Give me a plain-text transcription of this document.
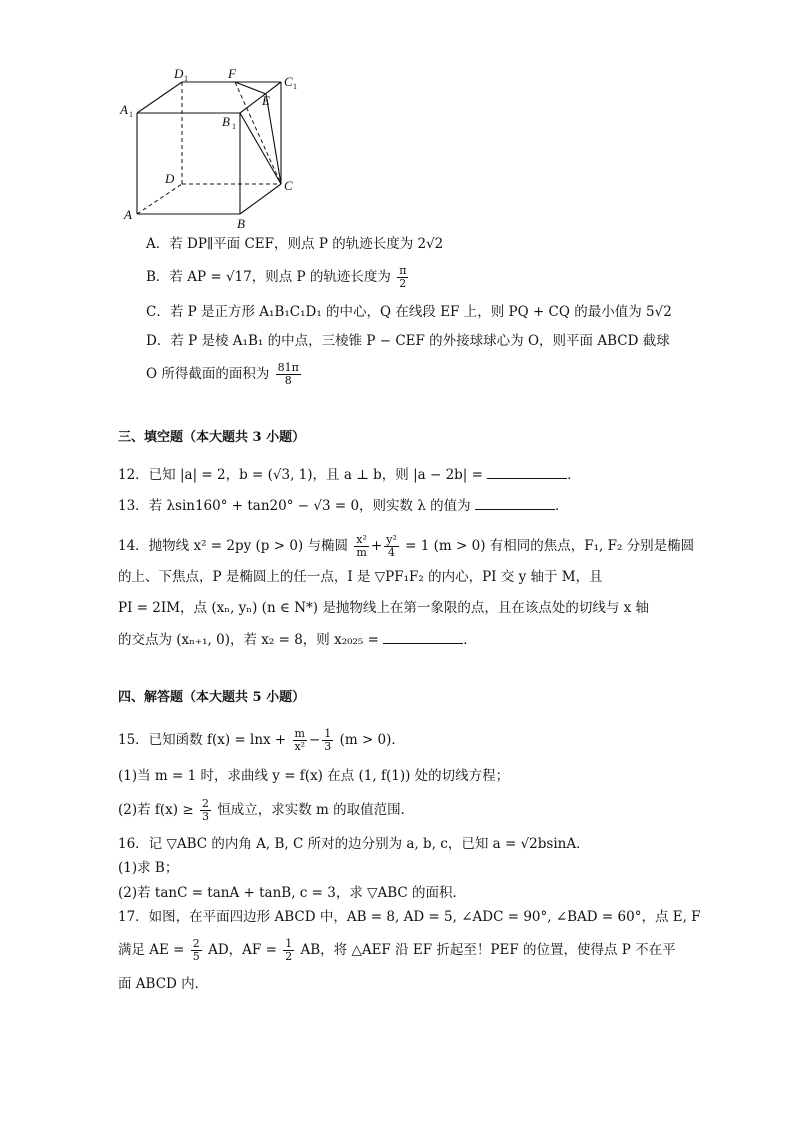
D 1	F
C 1
A 1
E
B 1
D	C
A
B
A．若 DP∥平面 CEF，则点 P 的轨迹长度为 2√2
B．若 AP = √17，则点 P 的轨迹长度为 $\frac{\pi}{2}$
C．若 P 是正方形 A₁B₁C₁D₁ 的中心，Q 在线段 EF 上，则 PQ + CQ 的最小值为 5√2
D．若 P 是棱 A₁B₁ 的中点，三棱锥 P − CEF 的外接球球心为 O，则平面 ABCD 截球
O 所得截面的面积为 $\frac{81\pi}{8}$
三、填空题（本大题共 3 小题）
12．已知 |a| = 2，b = (√3, 1)，且 a ⊥ b，则 |a − 2b| =	．
13．若 λsin160° + tan20° − √3 = 0，则实数 λ 的值为	．
14．抛物线 x² = 2py (p > 0) 与椭圆 $\frac{\text{x²}}{m} + \frac{\text{y²}}{4} = 1$ (m > 0) 有相同的焦点，F₁, F₂ 分别是椭圆
的上、下焦点，P 是椭圆上的任一点，I 是 ▽PF₁F₂ 的内心，PI 交 y 轴于 M，且
PI = 2IM，点 (xₙ, yₙ) (n ∈ N*) 是抛物线上在第一象限的点，且在该点处的切线与 x 轴
的交点为 (xₙ₊₁, 0)，若 x₂ = 8，则 x₂₀₂₅ =	．
四、解答题（本大题共 5 小题）
15．已知函数 $f(x) = \ln x + \frac{m}{\text{x²}} - \frac{1}{3} (m > 0)$．
(1)当 m = 1 时，求曲线 y = f(x) 在点 (1, f(1)) 处的切线方程；
(2)若 $f(x) \ge \frac{2}{3}$ 恒成立，求实数 m 的取值范围．
16．记 ▽ABC 的内角 A, B, C 所对的边分别为 a, b, c，已知 a = √2bsinA．
(1)求 B；
(2)若 tanC = tanA + tanB, c = 3，求 ▽ABC 的面积．
17．如图，在平面四边形 ABCD 中，AB = 8, AD = 5, ∠ADC = 90°, ∠BAD = 60°，点 E, F
满足 AE = $\frac{2}{5}$ AD，AF = $\frac{1}{2}$ AB，将 △AEF 沿 EF 折起至！PEF 的位置，使得点 P 不在平
面 ABCD 内．
